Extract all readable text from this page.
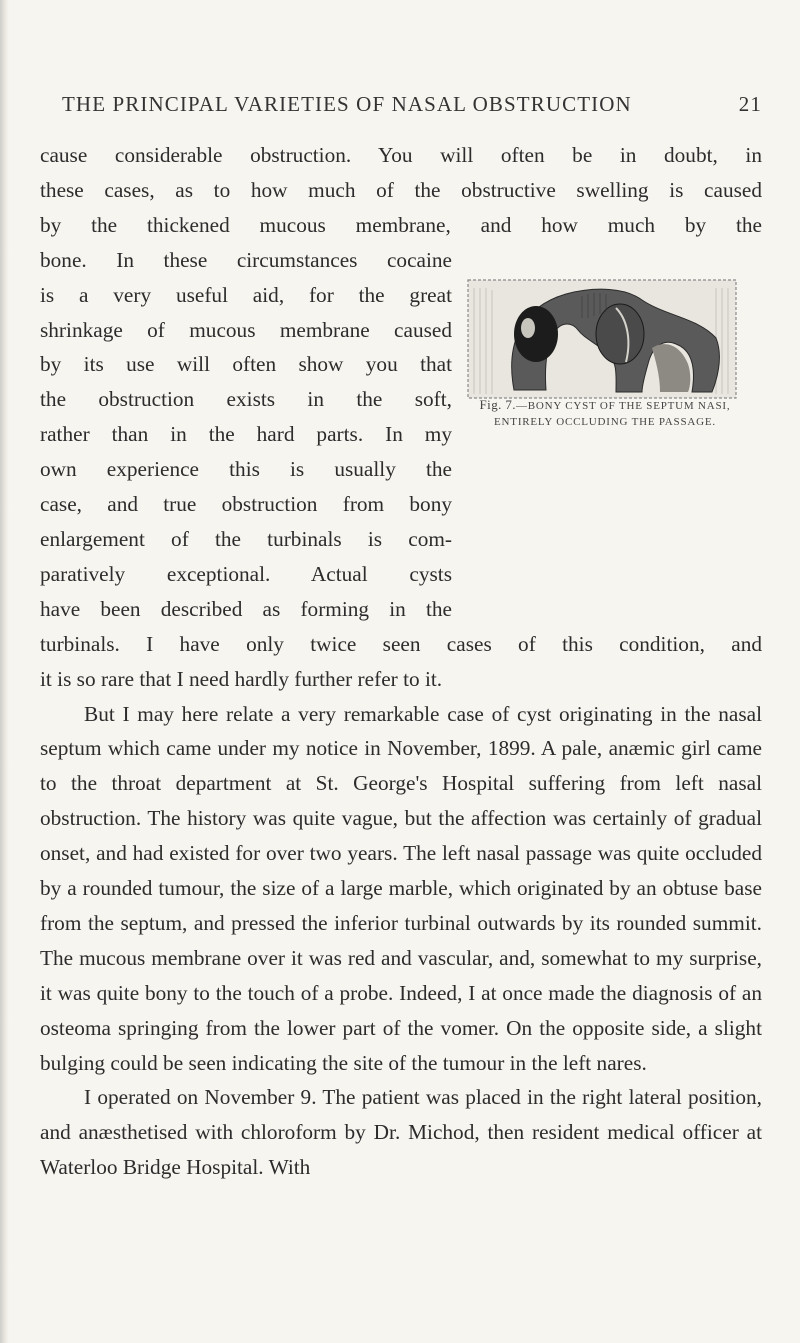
THE PRINCIPAL VARIETIES OF NASAL OBSTRUCTION	21
Fig. 7.—BONY CYST OF THE SEPTUM NASI, ENTIRELY OCCLUDING THE PASSAGE.

cause considerable obstruction. You will often be in doubt, in

these cases, as to how much of the obstructive swelling is caused

by the thickened mucous membrane, and how much by the

bone. In these circumstances cocaine

is a very useful aid, for the great

shrinkage of mucous membrane caused

by its use will often show you that

the obstruction exists in the soft,

rather than in the hard parts. In my

own experience this is usually the

case, and true obstruction from bony

enlargement of the turbinals is com-

paratively exceptional. Actual cysts

have been described as forming in the

turbinals. I have only twice seen cases of this condition, and

it is so rare that I need hardly further refer to it.

But I may here relate a very remarkable case of cyst originating in the nasal septum which came under my notice in November, 1899. A pale, anæmic girl came to the throat department at St. George's Hospital suffering from left nasal obstruction. The history was quite vague, but the affection was certainly of gradual onset, and had existed for over two years. The left nasal passage was quite occluded by a rounded tumour, the size of a large marble, which originated by an obtuse base from the septum, and pressed the inferior turbinal outwards by its rounded summit. The mucous membrane over it was red and vascular, and, somewhat to my surprise, it was quite bony to the touch of a probe. Indeed, I at once made the diagnosis of an osteoma springing from the lower part of the vomer. On the opposite side, a slight bulging could be seen indicating the site of the tumour in the left nares.

I operated on November 9. The patient was placed in the right lateral position, and anæsthetised with chloroform by Dr. Michod, then resident medical officer at Waterloo Bridge Hospital. With
